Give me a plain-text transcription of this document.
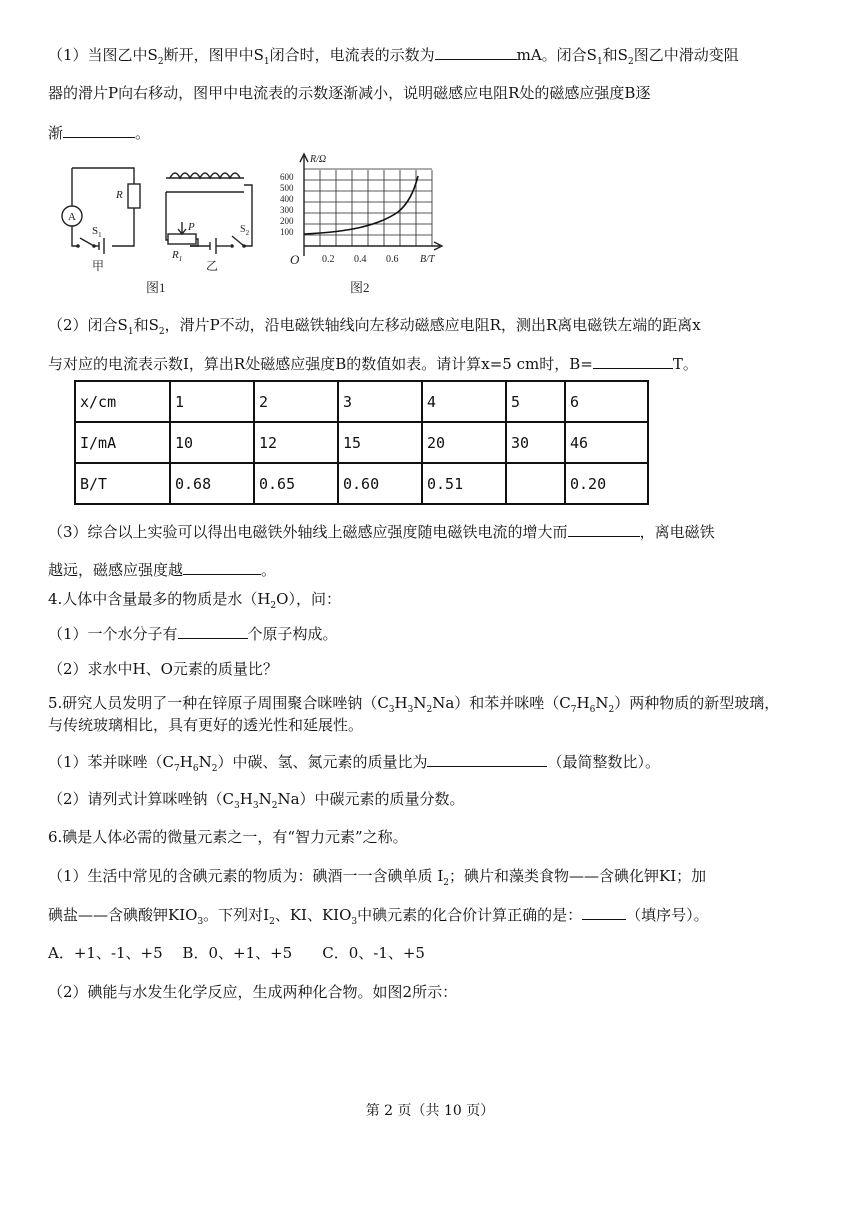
（1）当图乙中$S_2$断开，图甲中$S_1$闭合时，电流表的示数为	mA。闭合$S_1$和$S_2$图乙中滑动变阻
器的滑片P向右移动，图甲中电流表的示数逐渐减小，说明磁感应电阻R处的磁感应强度B逐
渐	。
A
R
$S_1$
甲
P	$S_2$
$R_1$ 乙
图1	图2
R/Ω
B/T
O
600
500
400
300
200
100
0.2 0.4 0.6
（2）闭合$S_1$和$S_2$，滑片P不动，沿电磁铁轴线向左移动磁感应电阻R，测出R离电磁铁左端的距离x
与对应的电流表示数I，算出R处磁感应强度B的数值如表。请计算x=5 cm时，B=	T。
x/cm	1	2	3	4	5	6
I/mA	10	12	15	20	30	46
B/T	0.68	0.65	0.60	0.51		0.20
（3）综合以上实验可以得出电磁铁外轴线上磁感应强度随电磁铁电流的增大而	，离电磁铁
越远，磁感应强度越	。
4.人体中含量最多的物质是水$(H_2O)$，问：
（1）一个水分子有	个原子构成。
（2）求水中H、O元素的质量比？
5.研究人员发明了一种在锌原子周围聚合咪唑钠$(C_3H_3N_2Na)$和苯并咪唑$(C_7H_6N_2)$两种物质的新型玻璃，
与传统玻璃相比，具有更好的透光性和延展性。
（1）苯并咪唑$(C_7H_6N_2)$中碳、氢、氮元素的质量比为	（最简整数比）。
（2）请列式计算咪唑钠$(C_3H_3N_2Na)$中碳元素的质量分数。
6.碘是人体必需的微量元素之一，有“智力元素”之称。
（1）生活中常见的含碘元素的物质为：碘酒一一含碘单质 $I_2$；碘片和藻类食物——含碘化钾KI；加
碘盐——含碘酸钾$KIO_3$。下列对$I_2$、KI、$KIO_3$中碘元素的化合价计算正确的是：	（填序号）。
A．+1、-1、+5　 B．0、+1、+5　　C．0、-1、+5
（2）碘能与水发生化学反应，生成两种化合物。如图2所示：
第 2 页（共 10 页）
